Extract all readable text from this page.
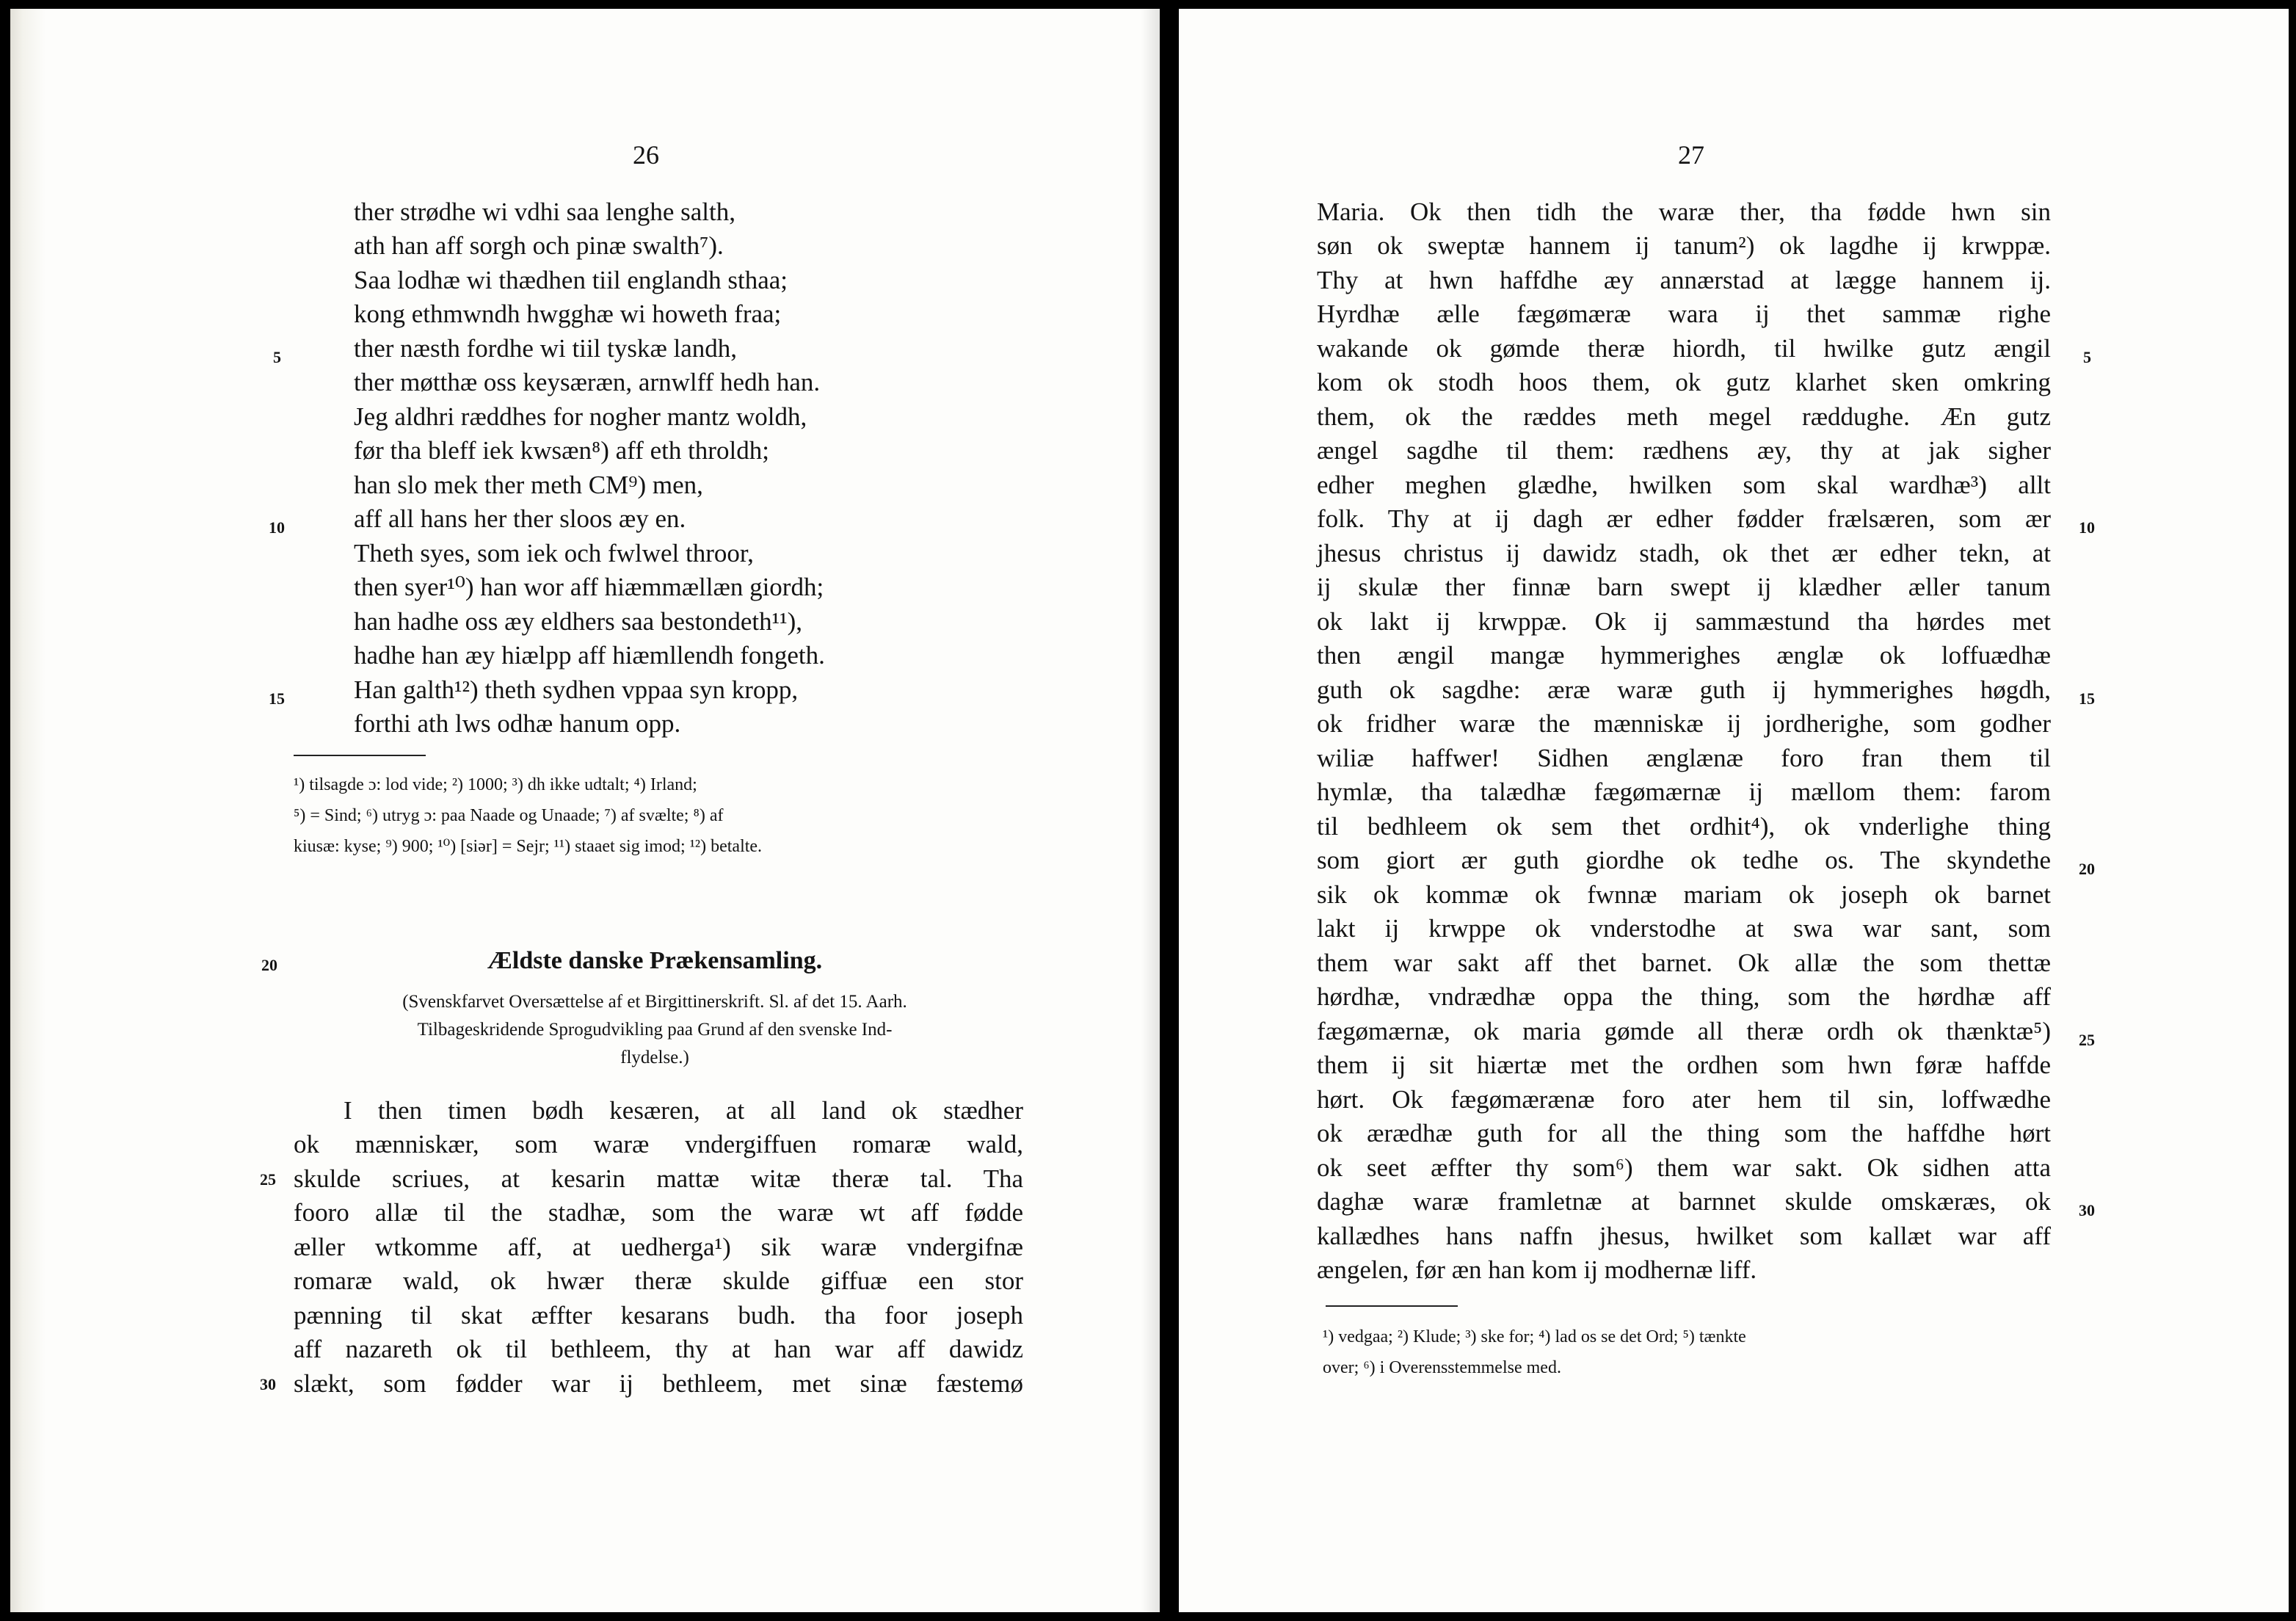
26
ther strødhe wi vdhi saa lenghe salth,
ath han aff sorgh och pinæ swalth⁷).
Saa lodhæ wi thædhen tiil englandh sthaa;
kong ethmwndh hwgghæ wi howeth fraa;
ther næsth fordhe wi tiil tyskæ landh,
ther møtthæ oss keysæræn, arnwlff hedh han.
Jeg aldhri ræddhes for nogher mantz woldh,
før tha bleff iek kwsæn⁸) aff eth throldh;
han slo mek ther meth CM⁹) men,
aff all hans her ther sloos æy en.
Theth syes, som iek och fwlwel throor,
then syer¹⁰) han wor aff hiæmmællæn giordh;
han hadhe oss æy eldhers saa bestondeth¹¹),
hadhe han æy hiælpp aff hiæmllendh fongeth.
Han galth¹²) theth sydhen vppaa syn kropp,
forthi ath lws odhæ hanum opp.
5
10
15
¹) tilsagde ɔ: lod vide; ²) 1000; ³) dh ikke udtalt; ⁴) Irland;
⁵) = Sind; ⁶) utryg ɔ: paa Naade og Unaade; ⁷) af svælte; ⁸) af
kiusæ: kyse; ⁹) 900; ¹⁰) [siər] = Sejr; ¹¹) staaet sig imod; ¹²) betalte.
20	Ældste danske Prækensamling.
(Svenskfarvet Oversættelse af et Birgittinerskrift. Sl. af det 15. Aarh.
Tilbageskridende Sprogudvikling paa Grund af den svenske Ind-
flydelse.)
I then timen bødh kesæren, at all land ok stædher
ok mænniskær, som waræ vndergiffuen romaræ wald,
skulde scriues, at kesarin mattæ witæ theræ tal. Tha
fooro allæ til the stadhæ, som the waræ wt aff fødde
æller wtkomme aff, at uedherga¹) sik waræ vndergifnæ
romaræ wald, ok hwær theræ skulde giffuæ een stor
pænning til skat æffter kesarans budh. tha foor joseph
aff nazareth ok til bethleem, thy at han war aff dawidz
slækt, som fødder war ij bethleem, met sinæ fæstemø
25
30
27
Maria. Ok then tidh the waræ ther, tha fødde hwn sin
søn ok sweptæ hannem ij tanum²) ok lagdhe ij krwppæ.
Thy at hwn haffdhe æy annærstad at lægge hannem ij.
Hyrdhæ ælle fægømæræ wara ij thet sammæ righe
wakande ok gømde theræ hiordh, til hwilke gutz ængil
kom ok stodh hoos them, ok gutz klarhet sken omkring
them, ok the ræddes meth megel rædd​ughe. Æn gutz
ængel sagdhe til them: rædhens æy, thy at jak sigher
edher meghen glædhe, hwilken som skal wardhæ³) allt
folk. Thy at ij dagh ær edher fødder frælsæren, som ær
jhesus christus ij dawidz stadh, ok thet ær edher tekn, at
ij skulæ ther finnæ barn swept ij klædher æller tanum
ok lakt ij krwppæ. Ok ij sammæstund tha hørdes met
then ængil mangæ hymmerighes ænglæ ok loffuædhæ
guth ok sagdhe: æræ waræ guth ij hymmerighes høgdh,
ok fridher waræ the mænniskæ ij jordherighe, som godher
wiliæ haffwer! Sidhen ænglænæ foro fran them til
hymlæ, tha talædhæ fægømærnæ ij mællom them: farom
til bedhleem ok sem thet ordhit⁴), ok vnderlighe thing
som giort ær guth giordhe ok tedhe os. The skyndethe
sik ok kommæ ok fwnnæ mariam ok joseph ok barnet
lakt ij krwppe ok vnderstodhe at swa war sant, som
them war sakt aff thet barnet. Ok allæ the som thettæ
hørdhæ, vndrædhæ oppa the thing, som the hørdhæ aff
fægømærnæ, ok maria gømde all theræ ordh ok thænktæ⁵)
them ij sit hiærtæ met the ordhen som hwn føræ haffde
hørt. Ok fægømærænæ foro ater hem til sin, loffwædhe
ok ærædhæ guth for all the thing som the haffdhe hørt
ok seet æffter thy som⁶) them war sakt. Ok sidhen atta
daghæ waræ framletnæ at barnnet skulde omskæræs, ok
kallædhes hans naffn jhesus, hwilket som kallæt war aff
ængelen, før æn han kom ij modhernæ liff.
5
10
15
20
25
30
¹) vedgaa; ²) Klude; ³) ske for; ⁴) lad os se det Ord; ⁵) tænkte
over; ⁶) i Overensstemmelse med.
